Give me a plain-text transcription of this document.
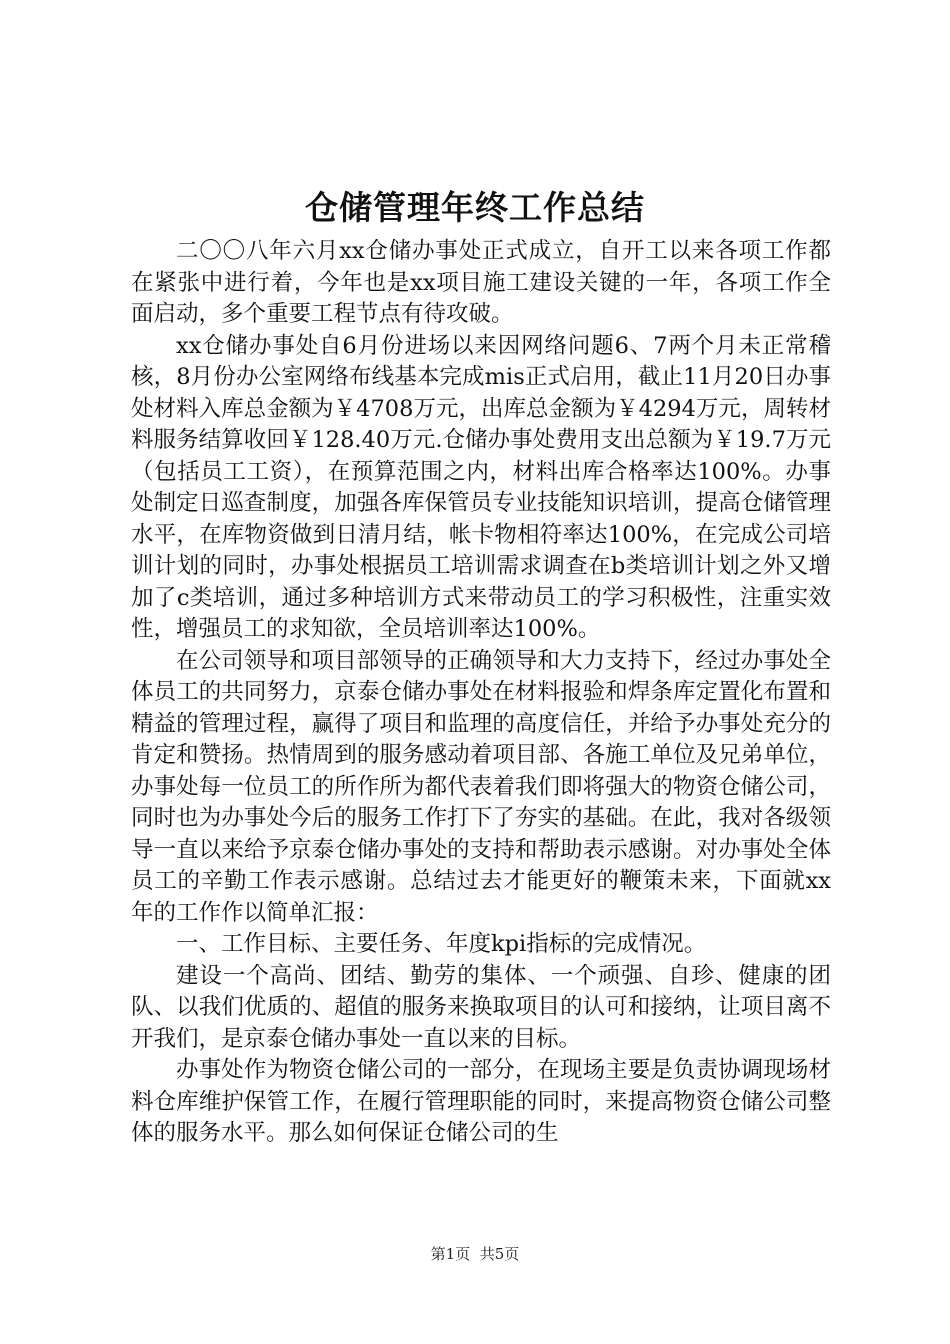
仓储管理年终工作总结

二〇〇八年六月xx仓储办事处正式成立，自开工以来各项工作都在紧张中进行着，今年也是xx项目施工建设关键的一年，各项工作全面启动，多个重要工程节点有待攻破。

xx仓储办事处自6月份进场以来因网络问题6、7两个月未正常稽核，8月份办公室网络布线基本完成mis正式启用，截止11月20日办事处材料入库总金额为￥4708万元，出库总金额为￥4294万元，周转材料服务结算收回￥128.40万元.仓储办事处费用支出总额为￥19.7万元（包括员工工资），在预算范围之内，材料出库合格率达100%。办事处制定日巡查制度，加强各库保管员专业技能知识培训，提高仓储管理水平，在库物资做到日清月结，帐卡物相符率达100%，在完成公司培训计划的同时，办事处根据员工培训需求调查在b类培训计划之外又增加了c类培训，通过多种培训方式来带动员工的学习积极性，注重实效性，增强员工的求知欲，全员培训率达100%。

在公司领导和项目部领导的正确领导和大力支持下，经过办事处全体员工的共同努力，京泰仓储办事处在材料报验和焊条库定置化布置和精益的管理过程，赢得了项目和监理的高度信任，并给予办事处充分的肯定和赞扬。热情周到的服务感动着项目部、各施工单位及兄弟单位，办事处每一位员工的所作所为都代表着我们即将强大的物资仓储公司，同时也为办事处今后的服务工作打下了夯实的基础。在此，我对各级领导一直以来给予京泰仓储办事处的支持和帮助表示感谢。对办事处全体员工的辛勤工作表示感谢。总结过去才能更好的鞭策未来，下面就xx年的工作作以简单汇报：

一、工作目标、主要任务、年度kpi指标的完成情况。

建设一个高尚、团结、勤劳的集体、一个顽强、自珍、健康的团队、以我们优质的、超值的服务来换取项目的认可和接纳，让项目离不开我们，是京泰仓储办事处一直以来的目标。

办事处作为物资仓储公司的一部分，在现场主要是负责协调现场材料仓库维护保管工作，在履行管理职能的同时，来提高物资仓储公司整体的服务水平。那么如何保证仓储公司的生

第1页 共5页
